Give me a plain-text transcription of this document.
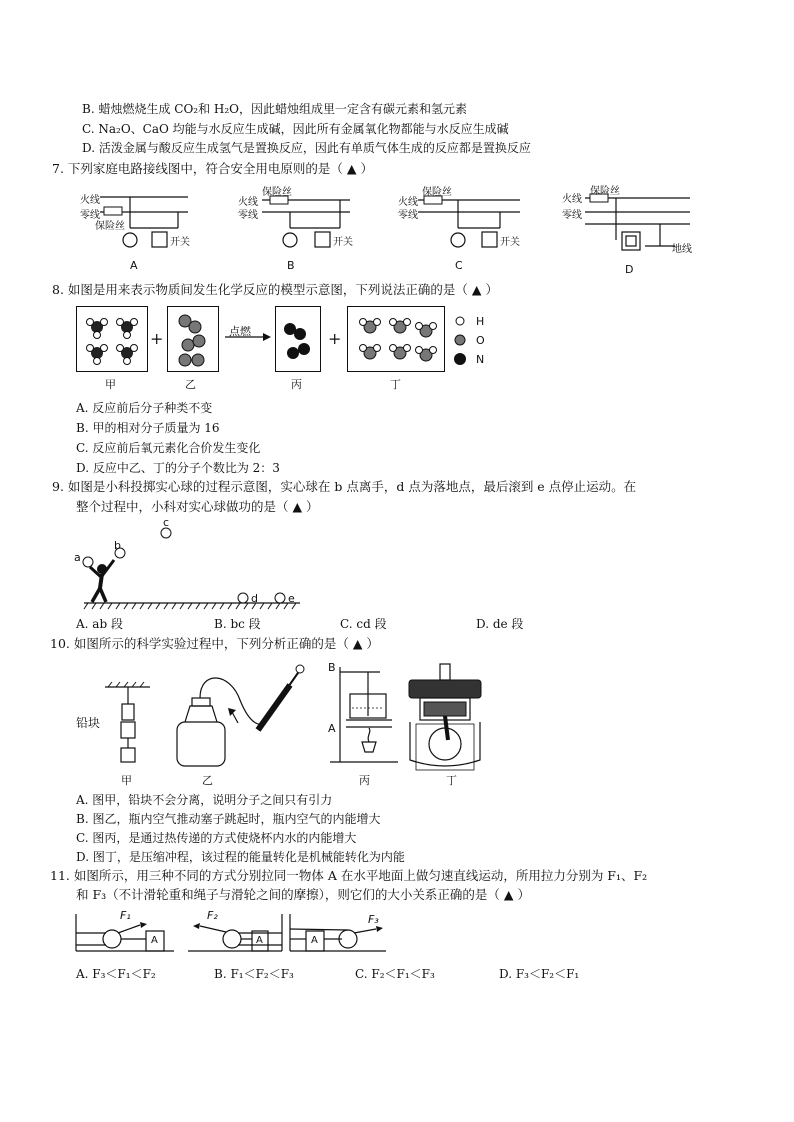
B. 蜡烛燃烧生成 CO₂和 H₂O，因此蜡烛组成里一定含有碳元素和氢元素
C. Na₂O、CaO 均能与水反应生成碱，因此所有金属氧化物都能与水反应生成碱
D. 活泼金属与酸反应生成氢气是置换反应，因此有单质气体生成的反应都是置换反应
7. 下列家庭电路接线图中，符合安全用电原则的是（ ▲ ）
火线
零线
保险丝
开关
A
火线
零线
保险丝
开关
B
火线
零线
保险丝
开关
C
火线
零线
保险丝
地线
D
8. 如图是用来表示物质间发生化学反应的模型示意图，下列说法正确的是（ ▲ ）
+	点燃	+
H
O
N
甲	乙	丙	丁
A. 反应前后分子种类不变
B. 甲的相对分子质量为 16
C. 反应前后氧元素化合价发生变化
D. 反应中乙、丁的分子个数比为 2：3
9. 如图是小科投掷实心球的过程示意图，实心球在 b 点离手，d 点为落地点，最后滚到 e 点停止运动。在
整个过程中，小科对实心球做功的是（ ▲ ）
a
b
c
d	e
A. ab 段	B. bc 段	C. cd 段	D. de 段
10. 如图所示的科学实验过程中，下列分析正确的是（ ▲ ）
铅块
甲	乙
B
A
丙	丁
A. 图甲，铅块不会分离，说明分子之间只有引力
B. 图乙，瓶内空气推动塞子跳起时，瓶内空气的内能增大
C. 图丙，是通过热传递的方式使烧杯内水的内能增大
D. 图丁，是压缩冲程，该过程的能量转化是机械能转化为内能
11. 如图所示，用三种不同的方式分别拉同一物体 A 在水平地面上做匀速直线运动，所用拉力分别为 F₁、F₂
和 F₃（不计滑轮重和绳子与滑轮之间的摩擦），则它们的大小关系正确的是（ ▲ ）
F₁	F₂	F₃
A	A	A
A. F₃＜F₁＜F₂	B. F₁＜F₂＜F₃	C. F₂＜F₁＜F₃	D. F₃＜F₂＜F₁
